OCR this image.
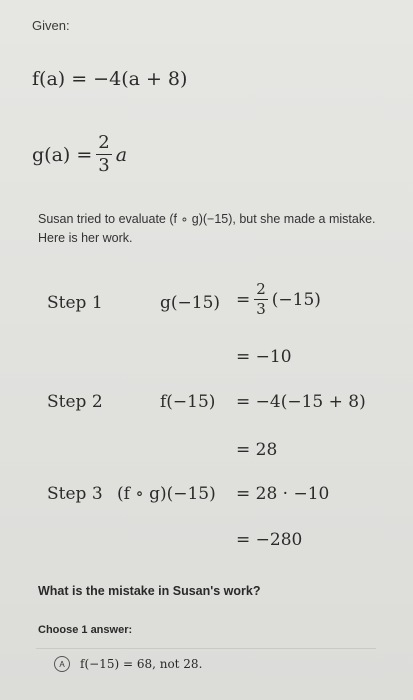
Given:
f(a) = −4(a + 8)
$g(a) = \frac{2}{3}$ a
Susan tried to evaluate (f ∘ g)(−15), but she made a mistake. Here is her work.
Step 1	$g(-15) = \frac{2}{3} (-15)$
= −10
Step 2	f(−15) = −4(−15 + 8)
= 28
Step 3 (f ∘ g)(−15) = 28 · −10
= −280
What is the mistake in Susan's work?
Choose 1 answer:
A	f(−15) = 68, not 28.
